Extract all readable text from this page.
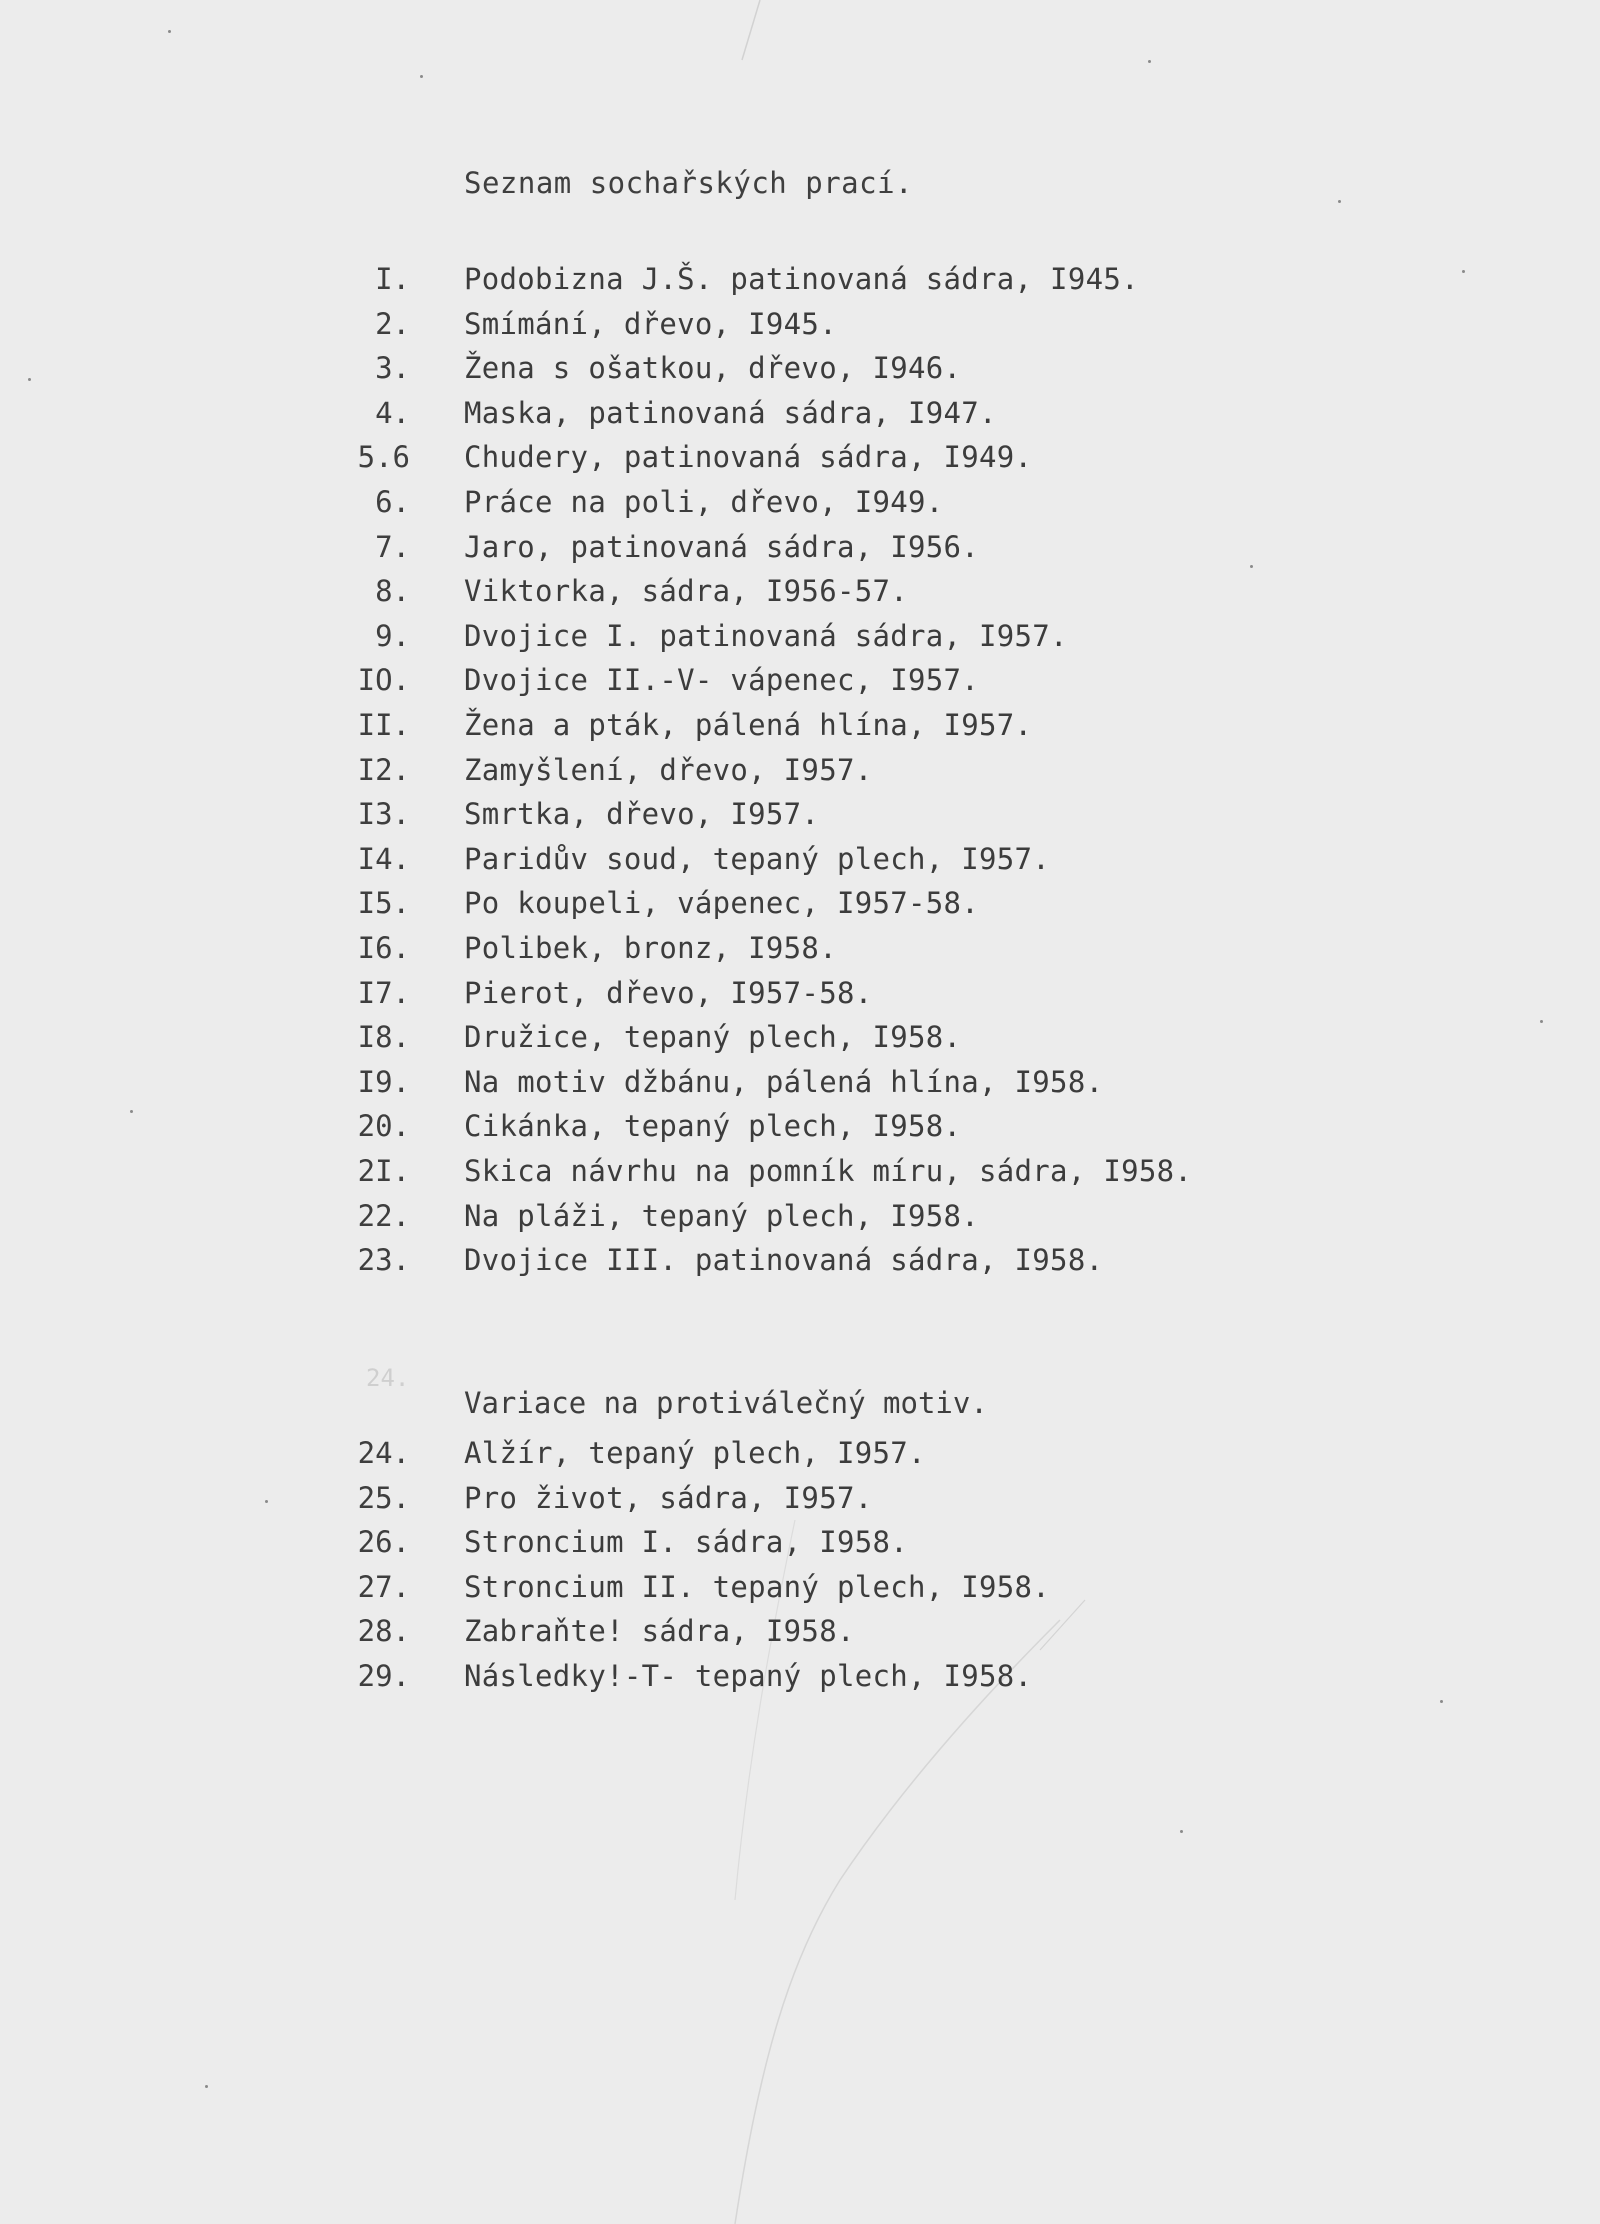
Seznam sochařských prací.
I. Podobizna J.Š. patinovaná sádra, I945.
2. Smímání, dřevo, I945.
3. Žena s ošatkou, dřevo, I946.
4. Maska, patinovaná sádra, I947.
5.6 Chudery, patinovaná sádra, I949.
6. Práce na poli, dřevo, I949.
7. Jaro, patinovaná sádra, I956.
8. Viktorka, sádra, I956-57.
9. Dvojice I. patinovaná sádra, I957.
IO. Dvojice II.-V- vápenec, I957.
II. Žena a pták, pálená hlína, I957.
I2. Zamyšlení, dřevo, I957.
I3. Smrtka, dřevo, I957.
I4. Paridův soud, tepaný plech, I957.
I5. Po koupeli, vápenec, I957-58.
I6. Polibek, bronz, I958.
I7. Pierot, dřevo, I957-58.
I8. Družice, tepaný plech, I958.
I9. Na motiv džbánu, pálená hlína, I958.
20. Cikánka, tepaný plech, I958.
2I. Skica návrhu na pomník míru, sádra, I958.
22. Na pláži, tepaný plech, I958.
23. Dvojice III. patinovaná sádra, I958.
24. Alžír, tepaný plech, I957.
25. Pro život, sádra, I957.
26. Stroncium I. sádra, I958.
27. Stroncium II. tepaný plech, I958.
28. Zabraňte! sádra, I958.
29. Následky!-T- tepaný plech, I958.
24.
Variace na protiválečný motiv.
